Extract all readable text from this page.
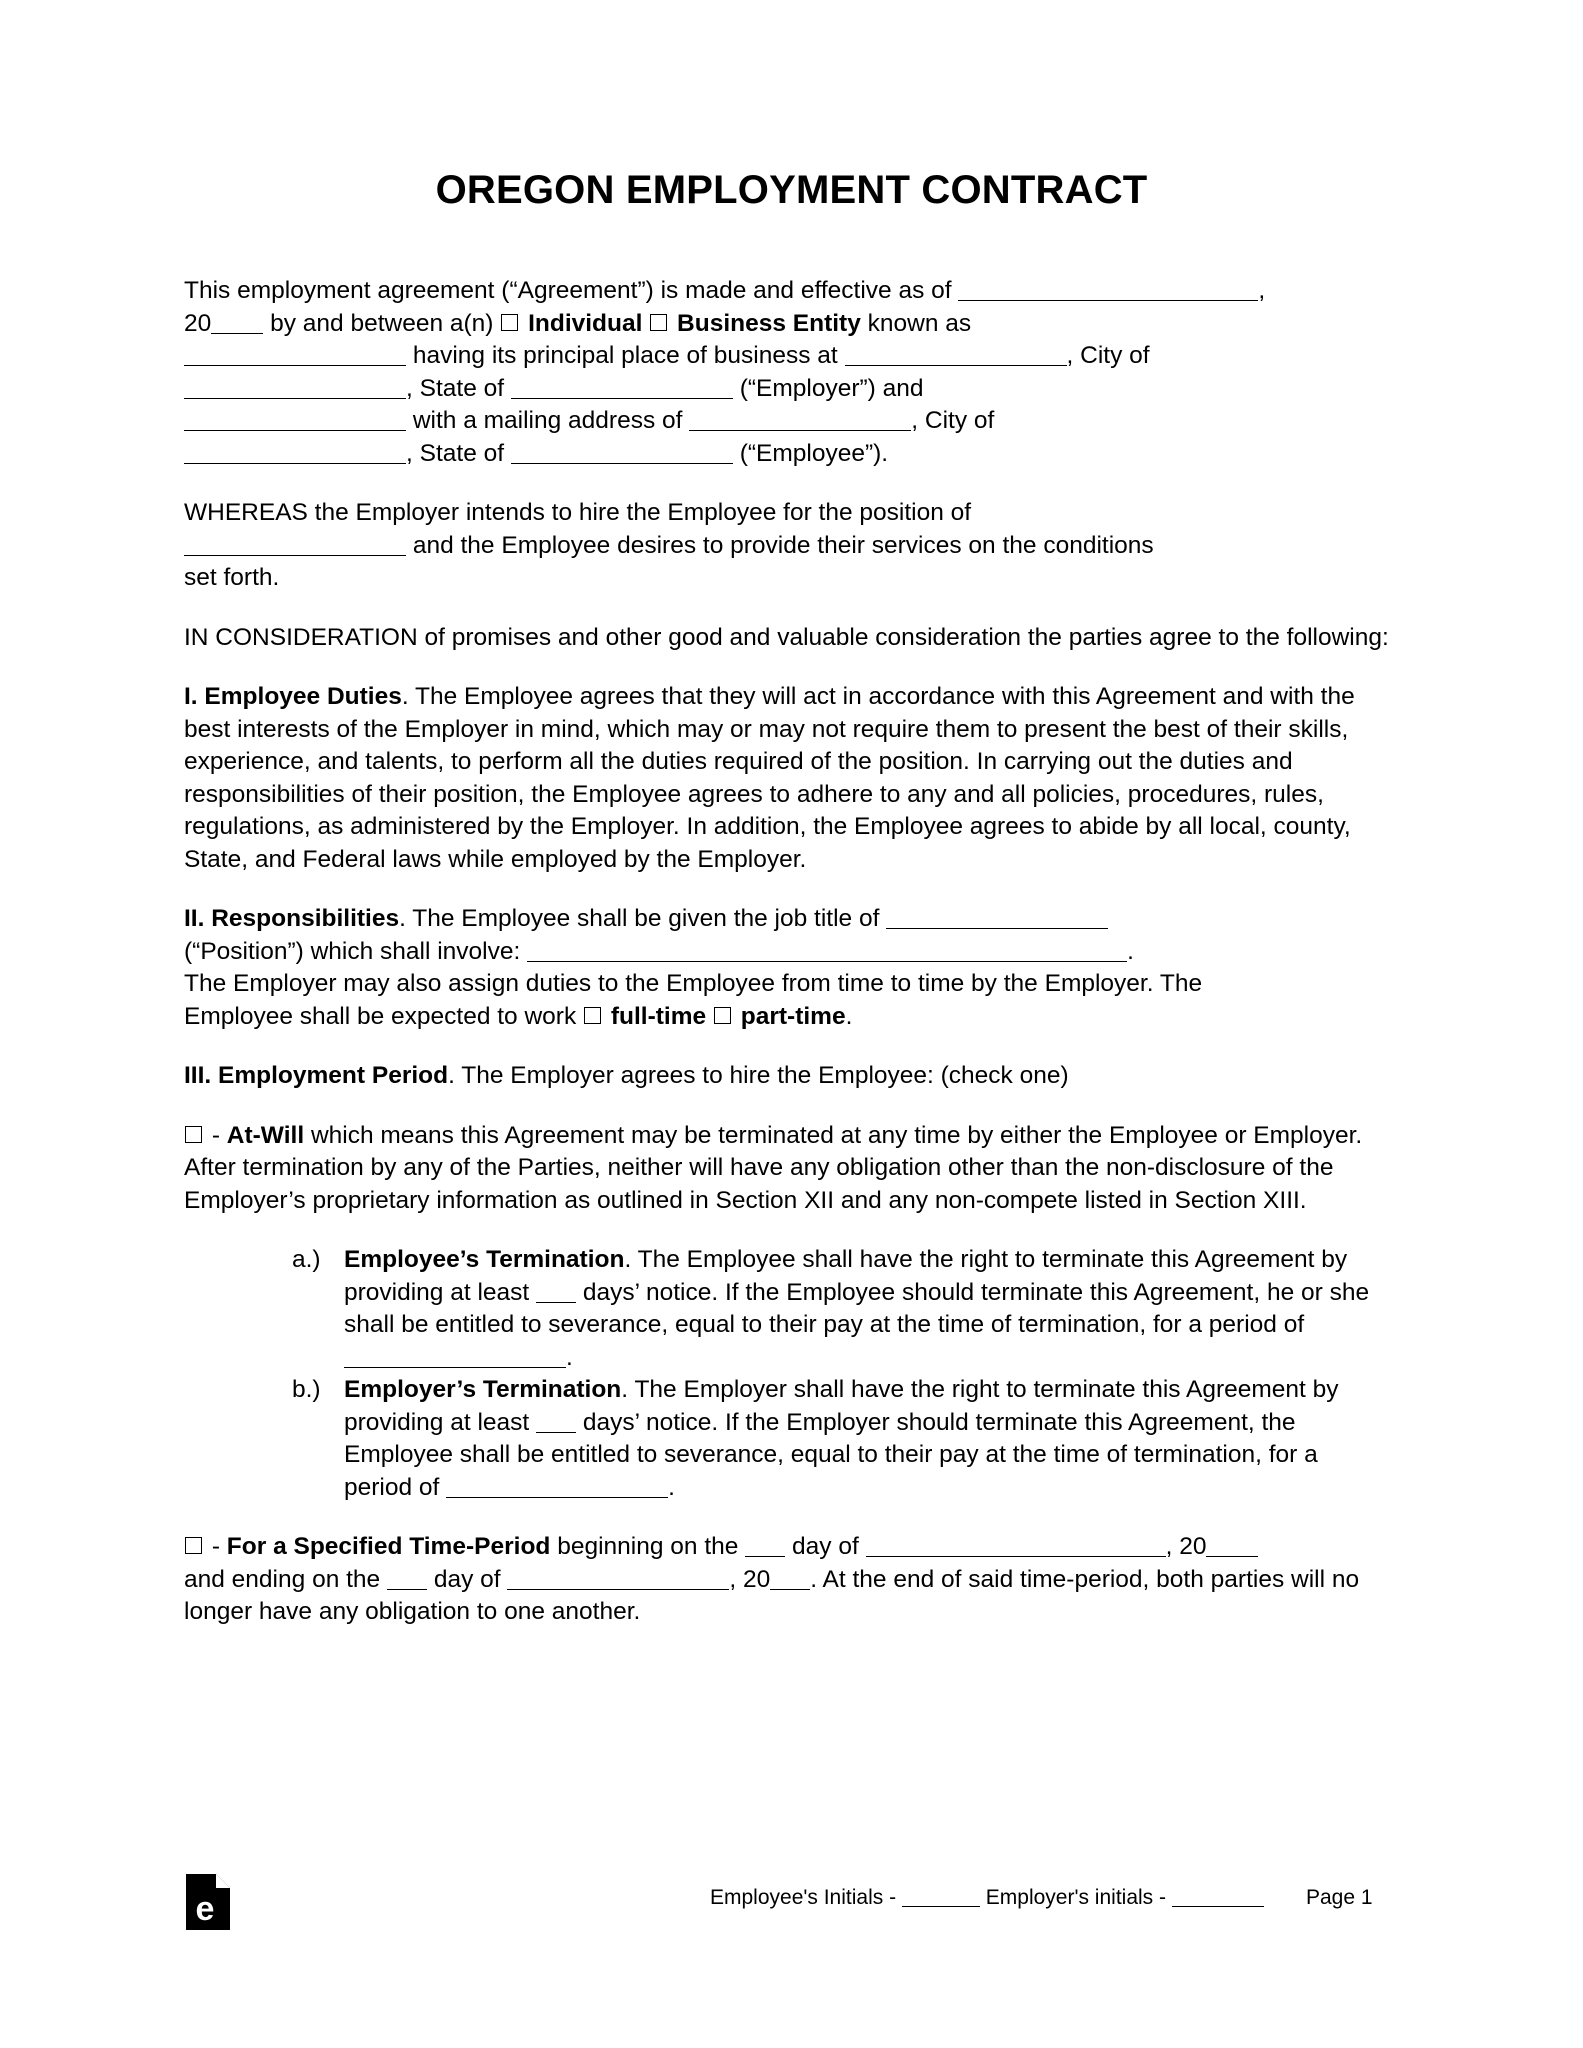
OREGON EMPLOYMENT CONTRACT

This employment agreement (“Agreement”) is made and effective as of	,
20 by and between a(n) Individual Business Entity known as
having its principal place of business at	, City of
, State of	(“Employer”) and
with a mailing address of	, City of
, State of	(“Employee”).

WHEREAS the Employer intends to hire the Employee for the position of
and the Employee desires to provide their services on the conditions
set forth.

IN CONSIDERATION of promises and other good and valuable consideration the parties agree to the following:

I. Employee Duties. The Employee agrees that they will act in accordance with this Agreement and with the best interests of the Employer in mind, which may or may not require them to present the best of their skills, experience, and talents, to perform all the duties required of the position. In carrying out the duties and responsibilities of their position, the Employee agrees to adhere to any and all policies, procedures, rules, regulations, as administered by the Employer. In addition, the Employee agrees to abide by all local, county, State, and Federal laws while employed by the Employer.

II. Responsibilities. The Employee shall be given the job title of
(“Position”) which shall involve:	.
The Employer may also assign duties to the Employee from time to time by the Employer. The
Employee shall be expected to work full-time part-time.

III. Employment Period. The Employer agrees to hire the Employee: (check one)

- At-Will which means this Agreement may be terminated at any time by either the Employee or Employer. After termination by any of the Parties, neither will have any obligation other than the non-disclosure of the Employer’s proprietary information as outlined in Section XII and any non-compete listed in Section XIII.

a.) Employee’s Termination. The Employee shall have the right to terminate this Agreement by providing at least days’ notice. If the Employee should terminate this Agreement, he or she shall be entitled to severance, equal to their pay at the time of termination, for a period of .
b.) Employer’s Termination. The Employer shall have the right to terminate this Agreement by providing at least days’ notice. If the Employer should terminate this Agreement, the Employee shall be entitled to severance, equal to their pay at the time of termination, for a period of	.

- For a Specified Time-Period beginning on the day of	, 20
and ending on the day of	, 20 . At the end of said time-period, both parties will no longer have any obligation to one another.

e	Employee's Initials -	Employer's initials -	Page 1
